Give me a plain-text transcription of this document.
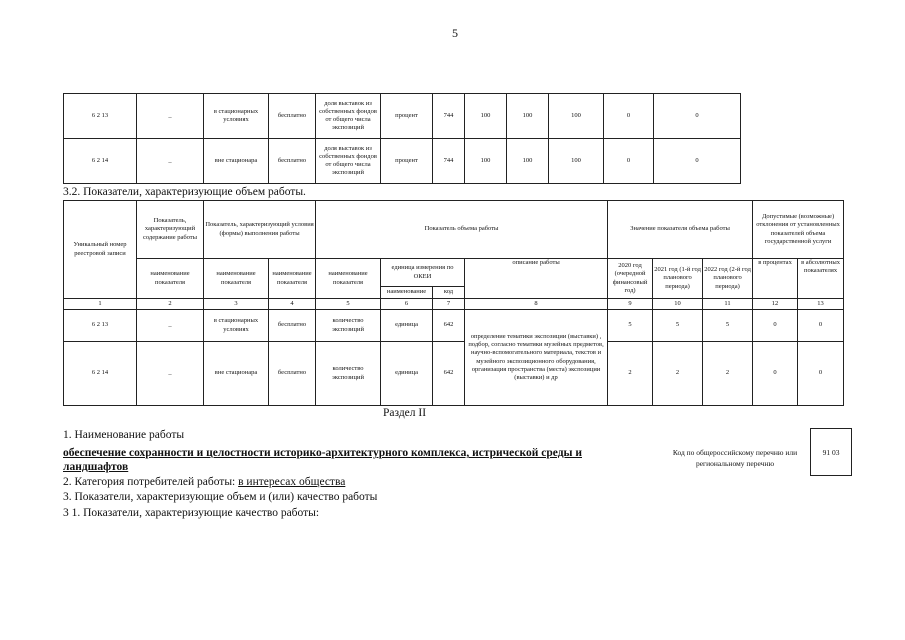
5
6 2 13	_	в стационарных условиях	бесплатно	доля выставок из собственных фондов от общего числа экспозиций	процент	744	100	100	100	0	0
6 2 14	_	вне стационара	бесплатно	доля выставок из собственных фондов от общего числа экспозиций	процент	744	100	100	100	0	0
3.2. Показатели, характеризующие объем работы.
Уникальный номер реестровой записи	Показатель, характеризующий содержание работы	Показатель, характеризующий условия (формы) выполнения работы		Показатель объема работы				Значение показателя объема работы			Допустимые (возможные) отклонения от установленных показателей объема государственной услуги	
	наименование показателя	наименование показателя	наименование показателя	наименование показателя	единица измерения по ОКЕИ		описание работы	2020 год (очередной финансовый год)	2021 год (1-й год планового периода)	2022 год (2-й год планового периода)	в процентах	в абсолютных показателях
					наименование	код						
1	2	3	4	5	6	7	8	9	10	11	12	13
6 2 13	_	в стационарных условиях	бесплатно	количество экспозиций	единица	642	определение тематики экспозиции (выставки) , подбор, согласно тематики музейных предметов, научно-вспомогательного материала, текстов и музейного экспозиционного оборудования, организация пространства (места) экспозиции (выставки) и др	5	5	5	0	0
6 2 14	_	вне стационара	бесплатно	количество экспозиций	единица	642		2	2	2	0	0
Раздел II
1. Наименование работы
обеспечение сохранности и целостности историко-архитектурного комплекса, истрической среды и ландшафтов
2. Категория потребителей работы: в интересах общества
3. Показатели, характеризующие объем и (или) качество работы
3 1. Показатели, характеризующие качество работы:
Код по общероссийскому перечню или региональному перечню
91 03
